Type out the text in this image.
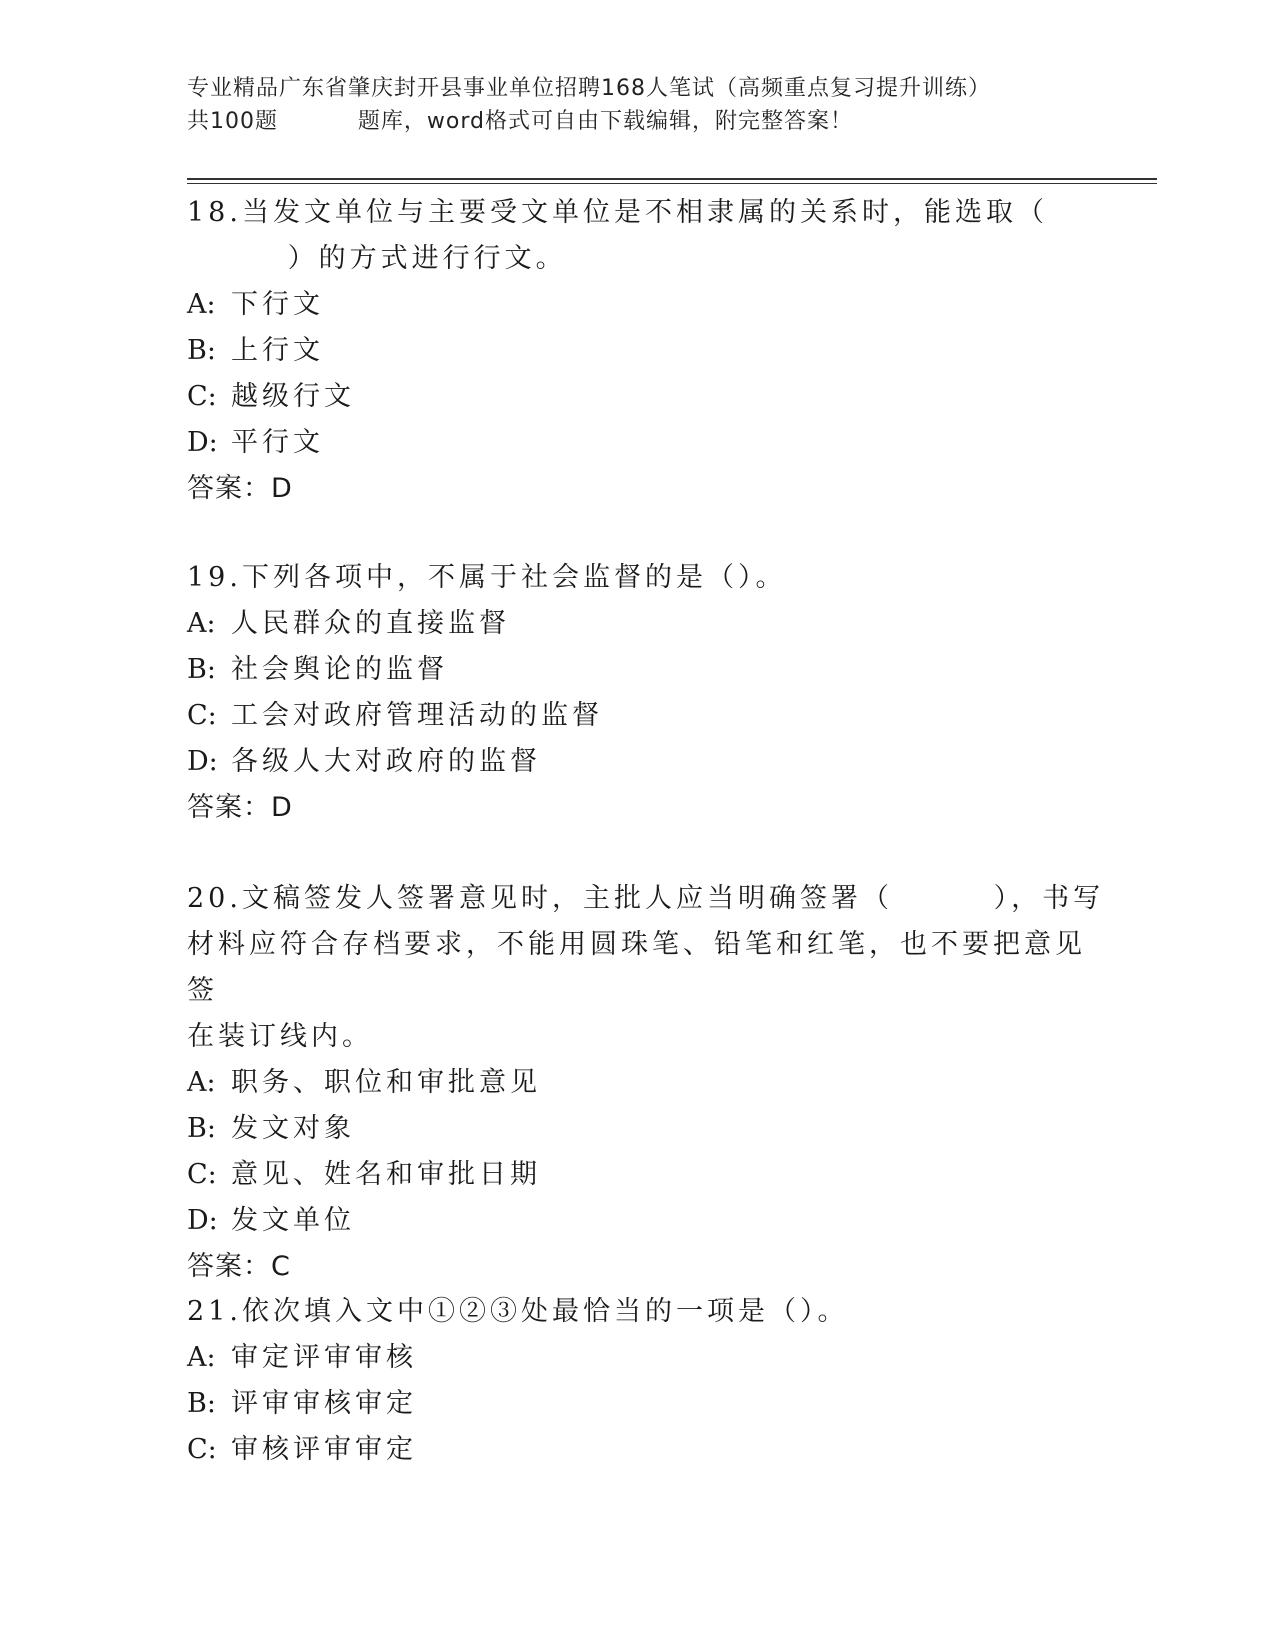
专业精品广东省肇庆封开县事业单位招聘168人笔试（高频重点复习提升训练）
共100题          题库，word格式可自由下载编辑，附完整答案！

18.当发文单位与主要受文单位是不相隶属的关系时，能选取（

）的方式进行行文。

A: 下行文

B: 上行文

C: 越级行文

D: 平行文

答案：D

19.下列各项中，不属于社会监督的是（）。

A: 人民群众的直接监督

B: 社会舆论的监督

C: 工会对政府管理活动的监督

D: 各级人大对政府的监督

答案：D

20.文稿签发人签署意见时，主批人应当明确签署（        ），书写

材料应符合存档要求，不能用圆珠笔、铅笔和红笔，也不要把意见签

在装订线内。

A: 职务、职位和审批意见

B: 发文对象

C: 意见、姓名和审批日期

D: 发文单位

答案：C

21.依次填入文中①②③处最恰当的一项是（）。

A: 审定评审审核

B: 评审审核审定

C: 审核评审审定
